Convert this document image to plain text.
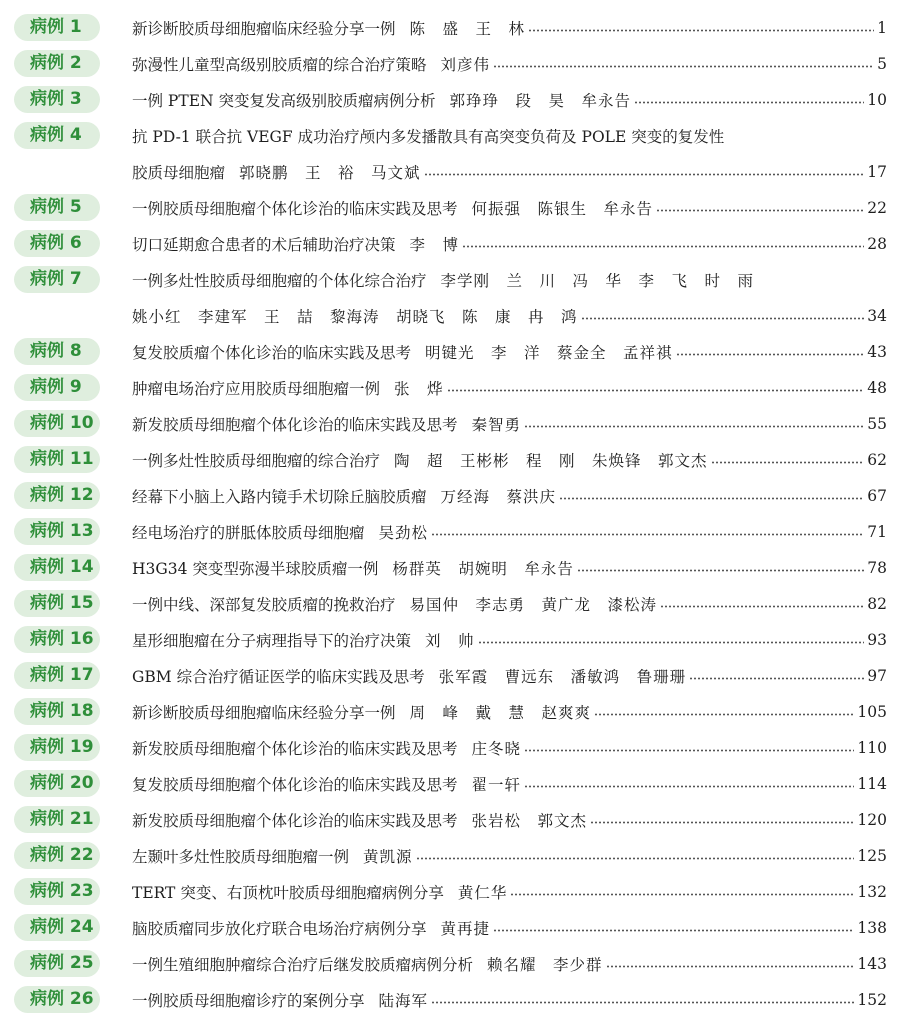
病例 1	新诊断胶质母细胞瘤临床经验分享一例 陈　盛　王　林	1
病例 2	弥漫性儿童型高级别胶质瘤的综合治疗策略 刘彦伟	5
病例 3	一例 PTEN 突变复发高级别胶质瘤病例分析 郭琤琤　段　昊　牟永告	10
病例 4	抗 PD-1 联合抗 VEGF 成功治疗颅内多发播散具有高突变负荷及 POLE 突变的复发性
胶质母细胞瘤 郭晓鹏　王　裕　马文斌	17
病例 5	一例胶质母细胞瘤个体化诊治的临床实践及思考 何振强　陈银生　牟永告	22
病例 6	切口延期愈合患者的术后辅助治疗决策 李　博	28
病例 7	一例多灶性胶质母细胞瘤的个体化综合治疗 李学刚　兰　川　冯　华　李　飞　时　雨
姚小红　李建军　王　喆　黎海涛　胡晓飞　陈　康　冉　鸿	34
病例 8	复发胶质瘤个体化诊治的临床实践及思考 明键光　李　洋　蔡金全　孟祥祺	43
病例 9	肿瘤电场治疗应用胶质母细胞瘤一例 张　烨	48
病例 10	新发胶质母细胞瘤个体化诊治的临床实践及思考 秦智勇	55
病例 11	一例多灶性胶质母细胞瘤的综合治疗 陶　超　王彬彬　程　刚　朱焕锋　郭文杰	62
病例 12	经幕下小脑上入路内镜手术切除丘脑胶质瘤 万经海　蔡洪庆	67
病例 13	经电场治疗的胼胝体胶质母细胞瘤 吴劲松	71
病例 14	H3G34 突变型弥漫半球胶质瘤一例 杨群英　胡婉明　牟永告	78
病例 15	一例中线、深部复发胶质瘤的挽救治疗 易国仲　李志勇　黄广龙　漆松涛	82
病例 16	星形细胞瘤在分子病理指导下的治疗决策 刘　帅	93
病例 17	GBM 综合治疗循证医学的临床实践及思考 张军霞　曹远东　潘敏鸿　鲁珊珊	97
病例 18	新诊断胶质母细胞瘤临床经验分享一例 周　峰　戴　慧　赵爽爽	105
病例 19	新发胶质母细胞瘤个体化诊治的临床实践及思考 庄冬晓	110
病例 20	复发胶质母细胞瘤个体化诊治的临床实践及思考 翟一轩	114
病例 21	新发胶质母细胞瘤个体化诊治的临床实践及思考 张岩松　郭文杰	120
病例 22	左颞叶多灶性胶质母细胞瘤一例 黄凯源	125
病例 23	TERT 突变、右顶枕叶胶质母细胞瘤病例分享 黄仁华	132
病例 24	脑胶质瘤同步放化疗联合电场治疗病例分享 黄再捷	138
病例 25	一例生殖细胞肿瘤综合治疗后继发胶质瘤病例分析 赖名耀　李少群	143
病例 26	一例胶质母细胞瘤诊疗的案例分享 陆海军	152
